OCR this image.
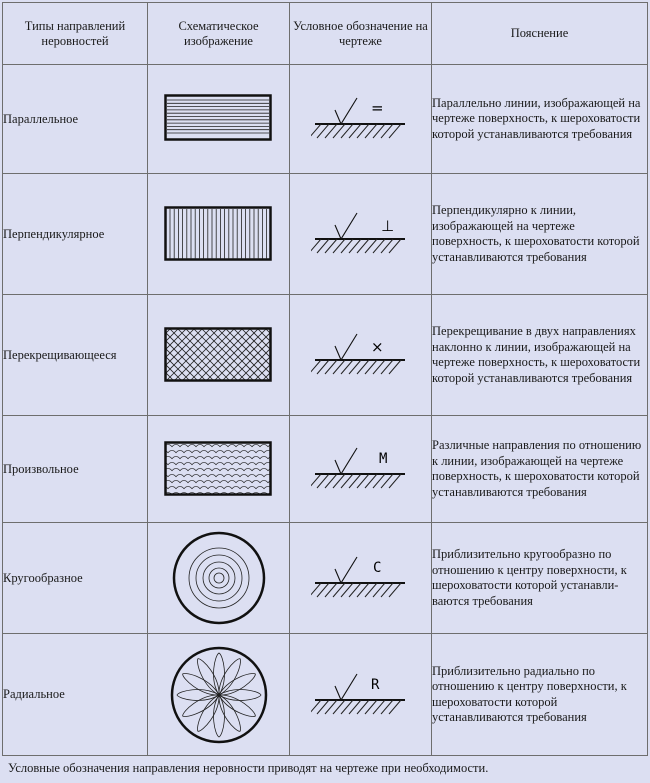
Типы направлений неровностей	Схематическое изображение	Условное обозначение на чертеже	Пояснение
Параллельное		=	Параллельно линии, изображающей на чертеже поверхность, к шероховатости которой устанавливаются требования
Перпендикулярное		⊥	Перпендикулярно к линии, изображающей на чертеже поверхность, к шероховатости которой устанавливаются требования
Перекрещивающееся		×	Перекрещивание в двух направлениях наклонно к линии, изображающей на чертеже поверхность, к шероховатости которой устанавливаются требования
Произвольное		M	Различные направления по отношению к линии, изображающей на чертеже поверхность, к шероховатости которой устанавливаются требования
Кругообразное		C	Приблизительно кругообразно по отношению к центру поверхности, к шероховатости которой устанавли-ваются требования
Радиальное		R	Приблизительно радиально по отношению к центру поверхности, к шероховатости которой устанавливаются требования
Условные обозначения направления неровности приводят на чертеже при необходимости.
